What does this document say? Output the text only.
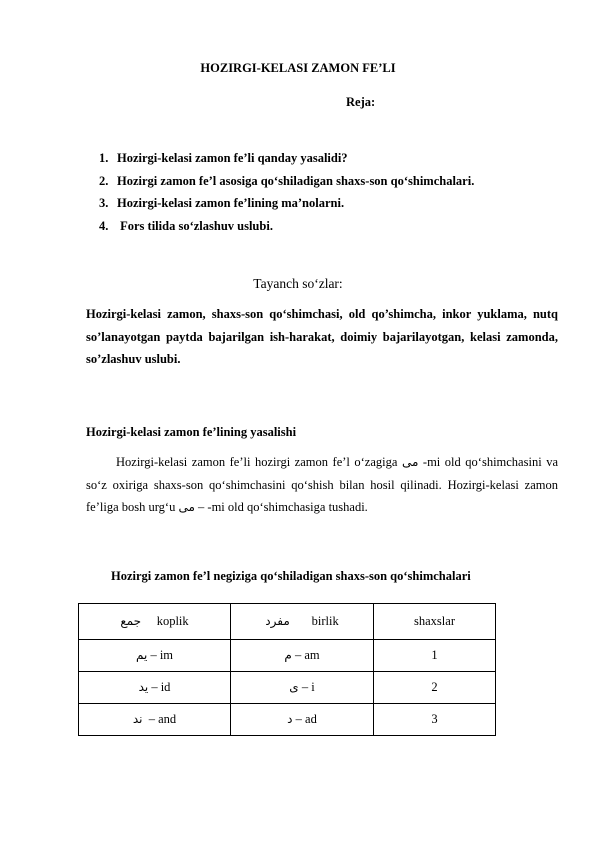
HOZIRGI-KELASI ZAMON FE’LI
Reja:
1. Hozirgi-kelasi zamon fe’li qanday yasalidi?
2. Hozirgi zamon fe’l asosiga qo‘shiladigan shaxs-son qo‘shimchalari.
3. Hozirgi-kelasi zamon fe’lining ma’nolarni.
4. Fors tilida so‘zlashuv uslubi.
Tayanch so‘zlar:
Hozirgi-kelasi zamon, shaxs-son qo‘shimchasi, old qo’shimcha, inkor yuklama, nutq so’lanayotgan paytda bajarilgan ish-harakat, doimiy bajarilayotgan, kelasi zamonda, so’zlashuv uslubi.
Hozirgi-kelasi zamon fe’lining yasalishi
Hozirgi-kelasi zamon fe’li hozirgi zamon fe’l o‘zagiga می -mi old qo‘shimchasini va so‘z oxiriga shaxs-son qo‘shimchasini qo‘shish bilan hosil qilinadi. Hozirgi-kelasi zamon fe’liga bosh urg‘u می – -mi old qo‘shimchasiga tushadi.
Hozirgi zamon fe’l negiziga qo‘shiladigan shaxs-son qo‘shimchalari
جمع koplik	مفرد birlik	shaxslar
یم – im	م – am	1
ید – id	ی – i	2
ند  – and	د – ad	3
